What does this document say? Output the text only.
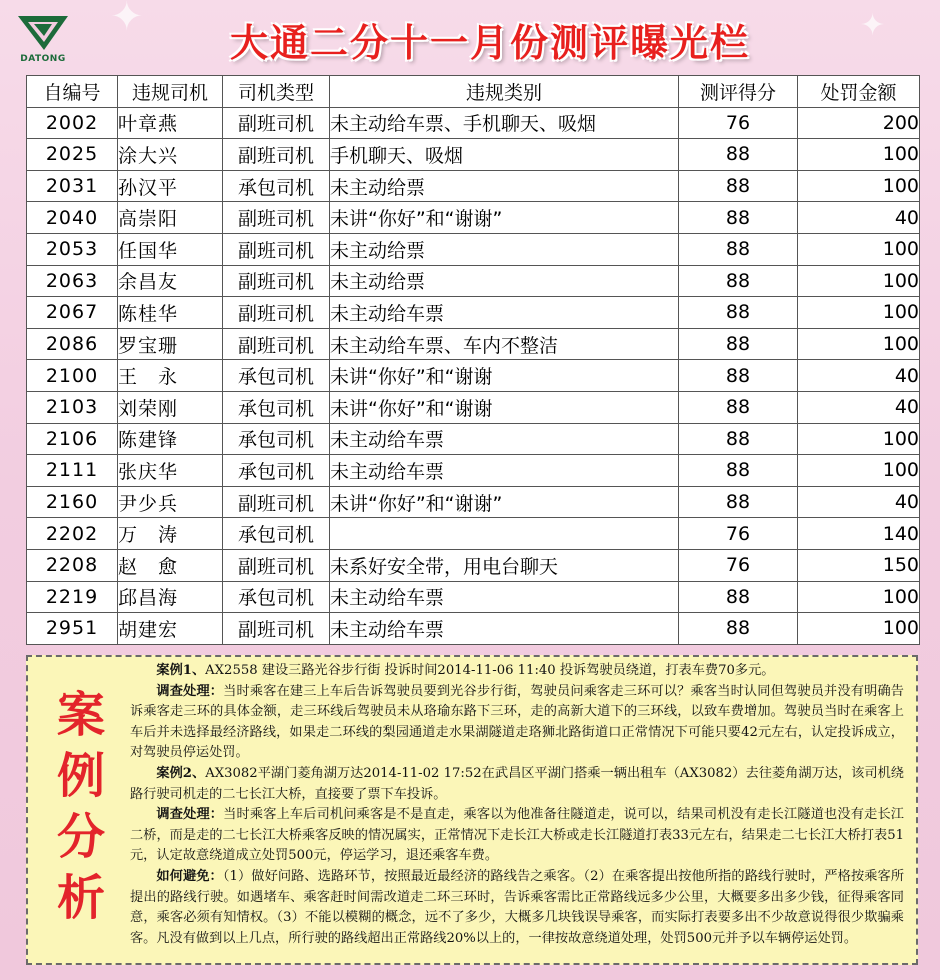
✦	✦
DATONG	大通二分十一月份测评曝光栏
自编号	违规司机	司机类型	违规类别	测评得分	处罚金额
2002	叶章燕	副班司机	未主动给车票、手机聊天、吸烟	76	200
2025	涂大兴	副班司机	手机聊天、吸烟	88	100
2031	孙汉平	承包司机	未主动给票	88	100
2040	高崇阳	副班司机	未讲“你好”和“谢谢”	88	40
2053	任国华	副班司机	未主动给票	88	100
2063	余昌友	副班司机	未主动给票	88	100
2067	陈桂华	副班司机	未主动给车票	88	100
2086	罗宝珊	副班司机	未主动给车票、车内不整洁	88	100
2100	王　永	承包司机	未讲“你好”和“谢谢	88	40
2103	刘荣刚	承包司机	未讲“你好”和“谢谢	88	40
2106	陈建锋	承包司机	未主动给车票	88	100
2111	张庆华	承包司机	未主动给车票	88	100
2160	尹少兵	副班司机	未讲“你好”和“谢谢”	88	40
2202	万　涛	承包司机		76	140
2208	赵　愈	副班司机	未系好安全带，用电台聊天	76	150
2219	邱昌海	承包司机	未主动给车票	88	100
2951	胡建宏	副班司机	未主动给车票	88	100
案例分析

案例1、AX2558 建设三路光谷步行街 投诉时间2014-11-06 11:40 投诉驾驶员绕道，打表车费70多元。

调查处理：当时乘客在建三上车后告诉驾驶员要到光谷步行街，驾驶员问乘客走三环可以？乘客当时认同但驾驶员并没有明确告诉乘客走三环的具体金额，走三环线后驾驶员未从珞瑜东路下三环，走的高新大道下的三环线，以致车费增加。驾驶员当时在乘客上车后并未选择最经济路线，如果走二环线的梨园通道走水果湖隧道走珞狮北路街道口正常情况下可能只要42元左右，认定投诉成立，对驾驶员停运处罚。

案例2、AX3082平湖门菱角湖万达2014-11-02 17:52在武昌区平湖门搭乘一辆出租车（AX3082）去往菱角湖万达，该司机绕路行驶司机走的二七长江大桥，直接要了票下车投诉。

调查处理：当时乘客上车后司机问乘客是不是直走，乘客以为他准备往隧道走，说可以，结果司机没有走长江隧道也没有走长江二桥，而是走的二七长江大桥乘客反映的情况属实，正常情况下走长江大桥或走长江隧道打表33元左右，结果走二七长江大桥打表51元，认定故意绕道成立处罚500元，停运学习，退还乘客车费。

如何避免：（1）做好问路、选路环节，按照最近最经济的路线告之乘客。（2）在乘客提出按他所指的路线行驶时，严格按乘客所提出的路线行驶。如遇堵车、乘客赶时间需改道走二环三环时，告诉乘客需比正常路线远多少公里，大概要多出多少钱，征得乘客同意，乘客必须有知情权。（3）不能以模糊的概念，远不了多少，大概多几块钱误导乘客，而实际打表要多出不少故意说得很少欺骗乘客。凡没有做到以上几点，所行驶的路线超出正常路线20%以上的，一律按故意绕道处理，处罚500元并予以车辆停运处罚。
